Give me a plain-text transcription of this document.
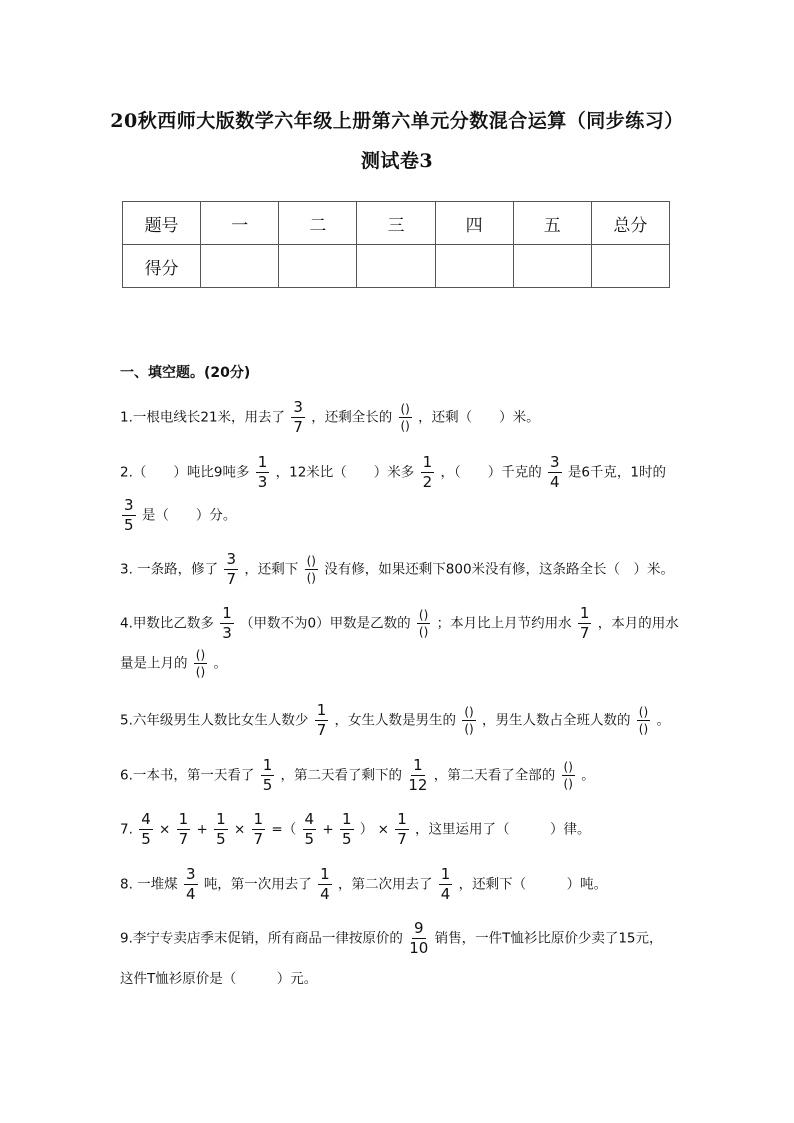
20秋西师大版数学六年级上册第六单元分数混合运算（同步练习）
测试卷3
题号	一	二	三	四	五	总分
得分						
一、填空题。(20分)
1.一根电线长21米，用去了 $\frac{3}{7}$ ，还剩全长的 $\frac{()}{()}$ ，还剩（　　）米。
2.（　　）吨比9吨多 $\frac{1}{3}$ ，12米比（　　）米多 $\frac{1}{2}$ ，（　　）千克的 $\frac{3}{4}$ 是6千克，1时的
$\frac{3}{5}$ 是（　　）分。
3. 一条路，修了 $\frac{3}{7}$ ，还剩下 $\frac{()}{()}$ 没有修，如果还剩下800米没有修，这条路全长（　）米。
4.甲数比乙数多 $\frac{1}{3}$ （甲数不为0）甲数是乙数的 $\frac{()}{()}$ ；本月比上月节约用水 $\frac{1}{7}$ ，本月的用水
量是上月的 $\frac{()}{()}$ 。
5.六年级男生人数比女生人数少 $\frac{1}{7}$ ，女生人数是男生的 $\frac{()}{()}$ ，男生人数占全班人数的 $\frac{()}{()}$ 。
6.一本书，第一天看了 $\frac{1}{5}$ ，第二天看了剩下的 $\frac{1}{12}$ ，第二天看了全部的 $\frac{()}{()}$ 。
7. $\frac{4}{5} \times \frac{1}{7} + \frac{1}{5} \times \frac{1}{7}$ =（ $\frac{4}{5} + \frac{1}{5}$ ） × $\frac{1}{7}$ ，这里运用了（　　　）律。
8. 一堆煤 $\frac{3}{4}$ 吨，第一次用去了 $\frac{1}{4}$ ，第二次用去了 $\frac{1}{4}$ ，还剩下（　　　）吨。
9.李宁专卖店季末促销，所有商品一律按原价的 $\frac{9}{10}$ 销售，一件T恤衫比原价少卖了15元，
这件T恤衫原价是（　　　）元。
